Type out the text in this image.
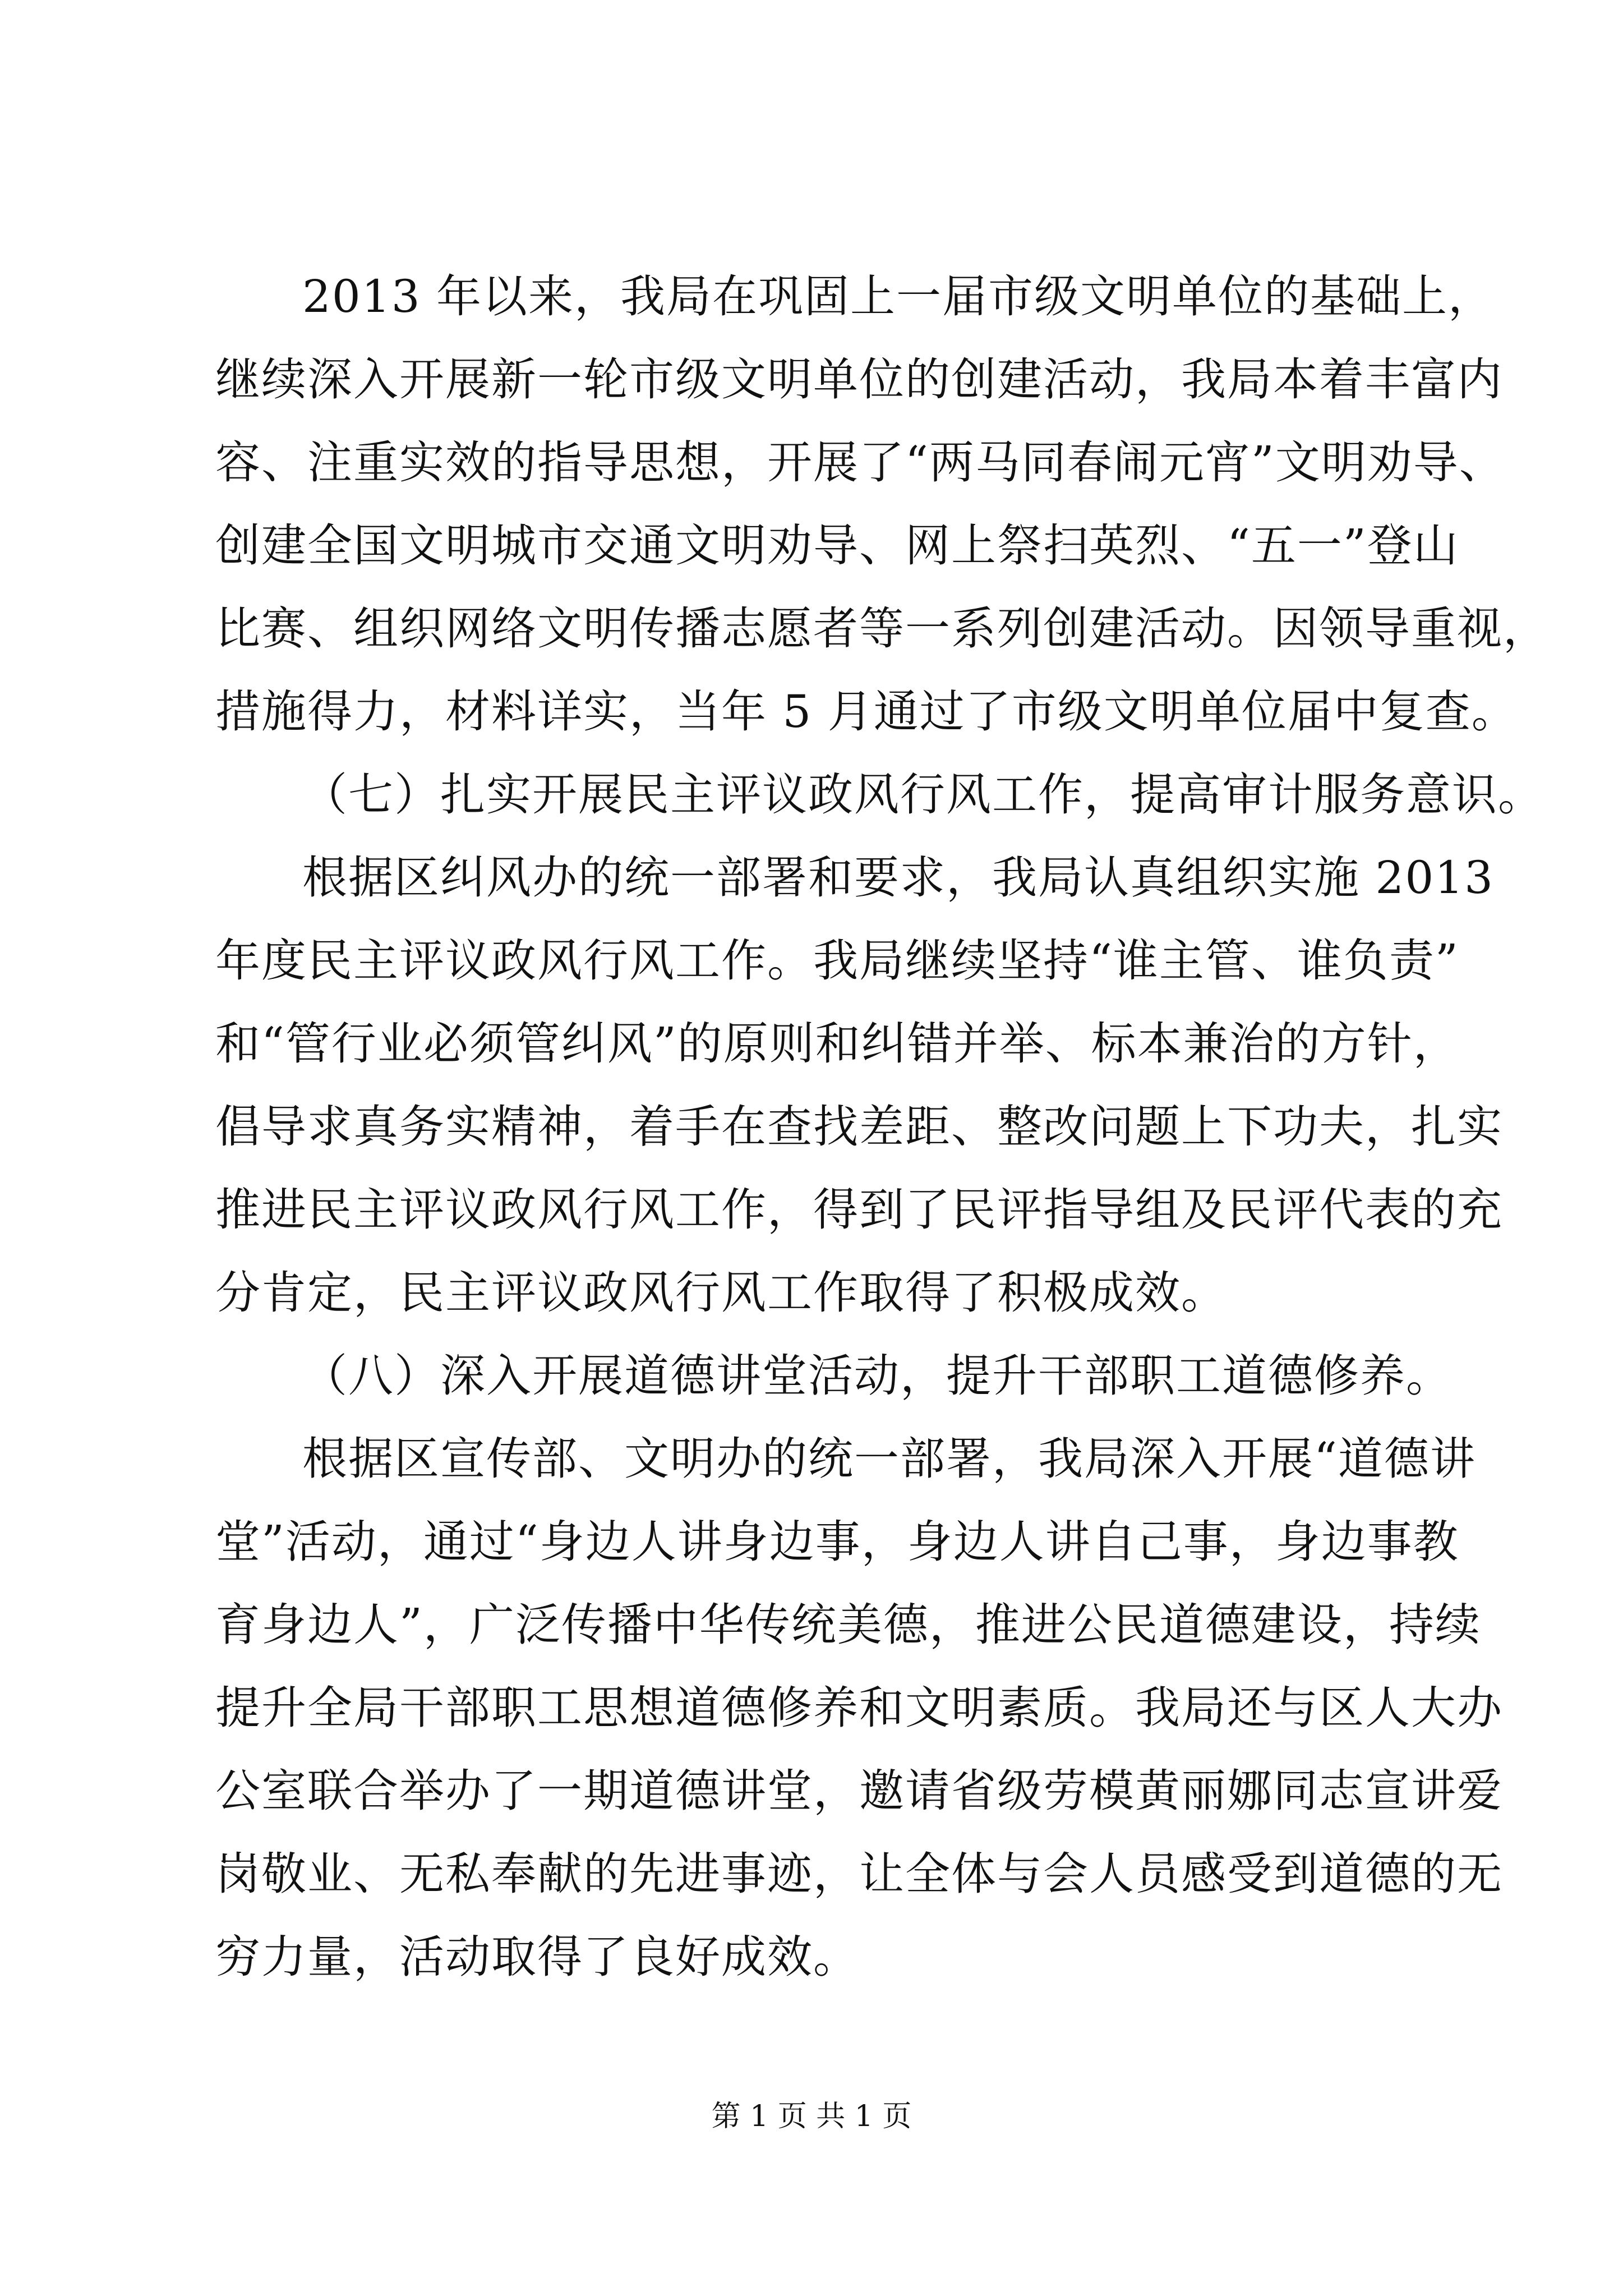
2013 年以来，我局在巩固上一届市级文明单位的基础上，
继续深入开展新一轮市级文明单位的创建活动，我局本着丰富内
容、注重实效的指导思想，开展了“两马同春闹元宵”文明劝导、
创建全国文明城市交通文明劝导、网上祭扫英烈、“五一”登山
比赛、组织网络文明传播志愿者等一系列创建活动。因领导重视，
措施得力，材料详实，当年 5 月通过了市级文明单位届中复查。
（七）扎实开展民主评议政风行风工作，提高审计服务意识。
根据区纠风办的统一部署和要求，我局认真组织实施 2013
年度民主评议政风行风工作。我局继续坚持“谁主管、谁负责”
和“管行业必须管纠风”的原则和纠错并举、标本兼治的方针，
倡导求真务实精神，着手在查找差距、整改问题上下功夫，扎实
推进民主评议政风行风工作，得到了民评指导组及民评代表的充
分肯定，民主评议政风行风工作取得了积极成效。
（八）深入开展道德讲堂活动，提升干部职工道德修养。
根据区宣传部、文明办的统一部署，我局深入开展“道德讲
堂”活动，通过“身边人讲身边事，身边人讲自己事，身边事教
育身边人”，广泛传播中华传统美德，推进公民道德建设，持续
提升全局干部职工思想道德修养和文明素质。我局还与区人大办
公室联合举办了一期道德讲堂，邀请省级劳模黄丽娜同志宣讲爱
岗敬业、无私奉献的先进事迹，让全体与会人员感受到道德的无
穷力量，活动取得了良好成效。
第 1 页 共 1 页
